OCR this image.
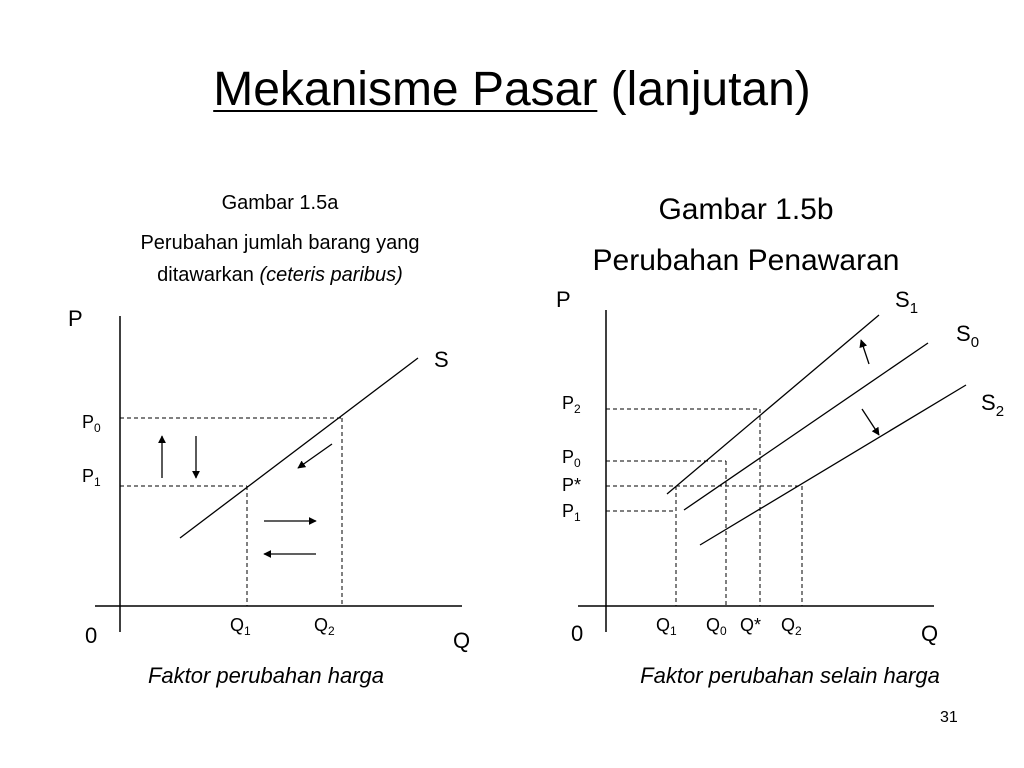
Mekanisme Pasar (lanjutan)
Gambar 1.5a
Perubahan jumlah barang yang
ditawarkan (ceteris paribus)
Gambar 1.5b
Perubahan Penawaran
P
Q
0
S
$P_0$
$P_1$
$Q_1$	$Q_2$
P
Q
0
$S_1$
$S_0$
$S_2$
$P_2$
$P_0$
P*
$P_1$
$Q_1$ $Q_0$ Q* $Q_2$
Faktor perubahan harga	Faktor perubahan selain harga
31
